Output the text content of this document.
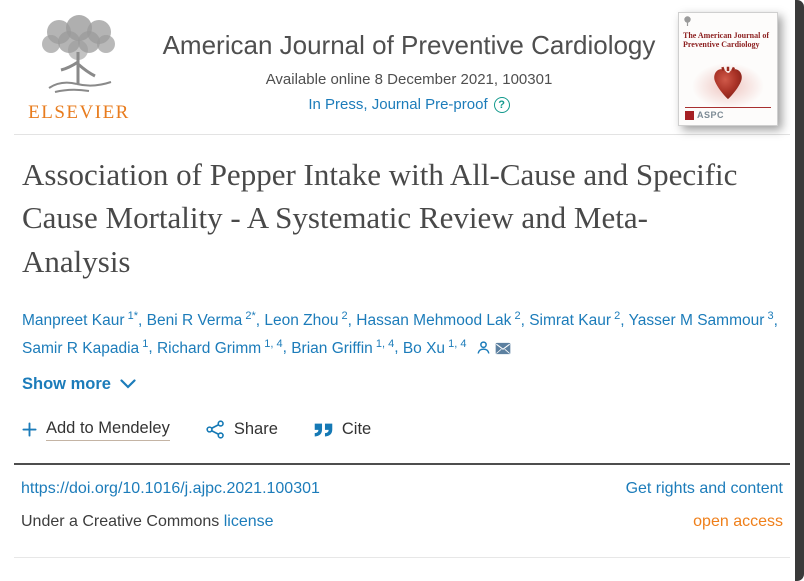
ELSEVIER
American Journal of Preventive Cardiology
Available online 8 December 2021, 100301
In Press, Journal Pre-proof ?

The American Journal of Preventive Cardiology
ASPC
Association of Pepper Intake with All-Cause and Specific Cause Mortality - A Systematic Review and Meta-Analysis

Manpreet Kaur $^{1*}$, Beni R Verma $^{2*}$, Leon Zhou $^2$, Hassan Mehmood Lak $^2$, Simrat Kaur $^2$, Yasser M Sammour $^3$, Samir R Kapadia $^1$, Richard Grimm $^{1, 4}$, Brian Griffin $^{1, 4}$, Bo Xu $^{1, 4}$

Show more
Add to Mendeley	Share	Cite
https://doi.org/10.1016/j.ajpc.2021.100301	Get rights and content
Under a Creative Commons license	open access
